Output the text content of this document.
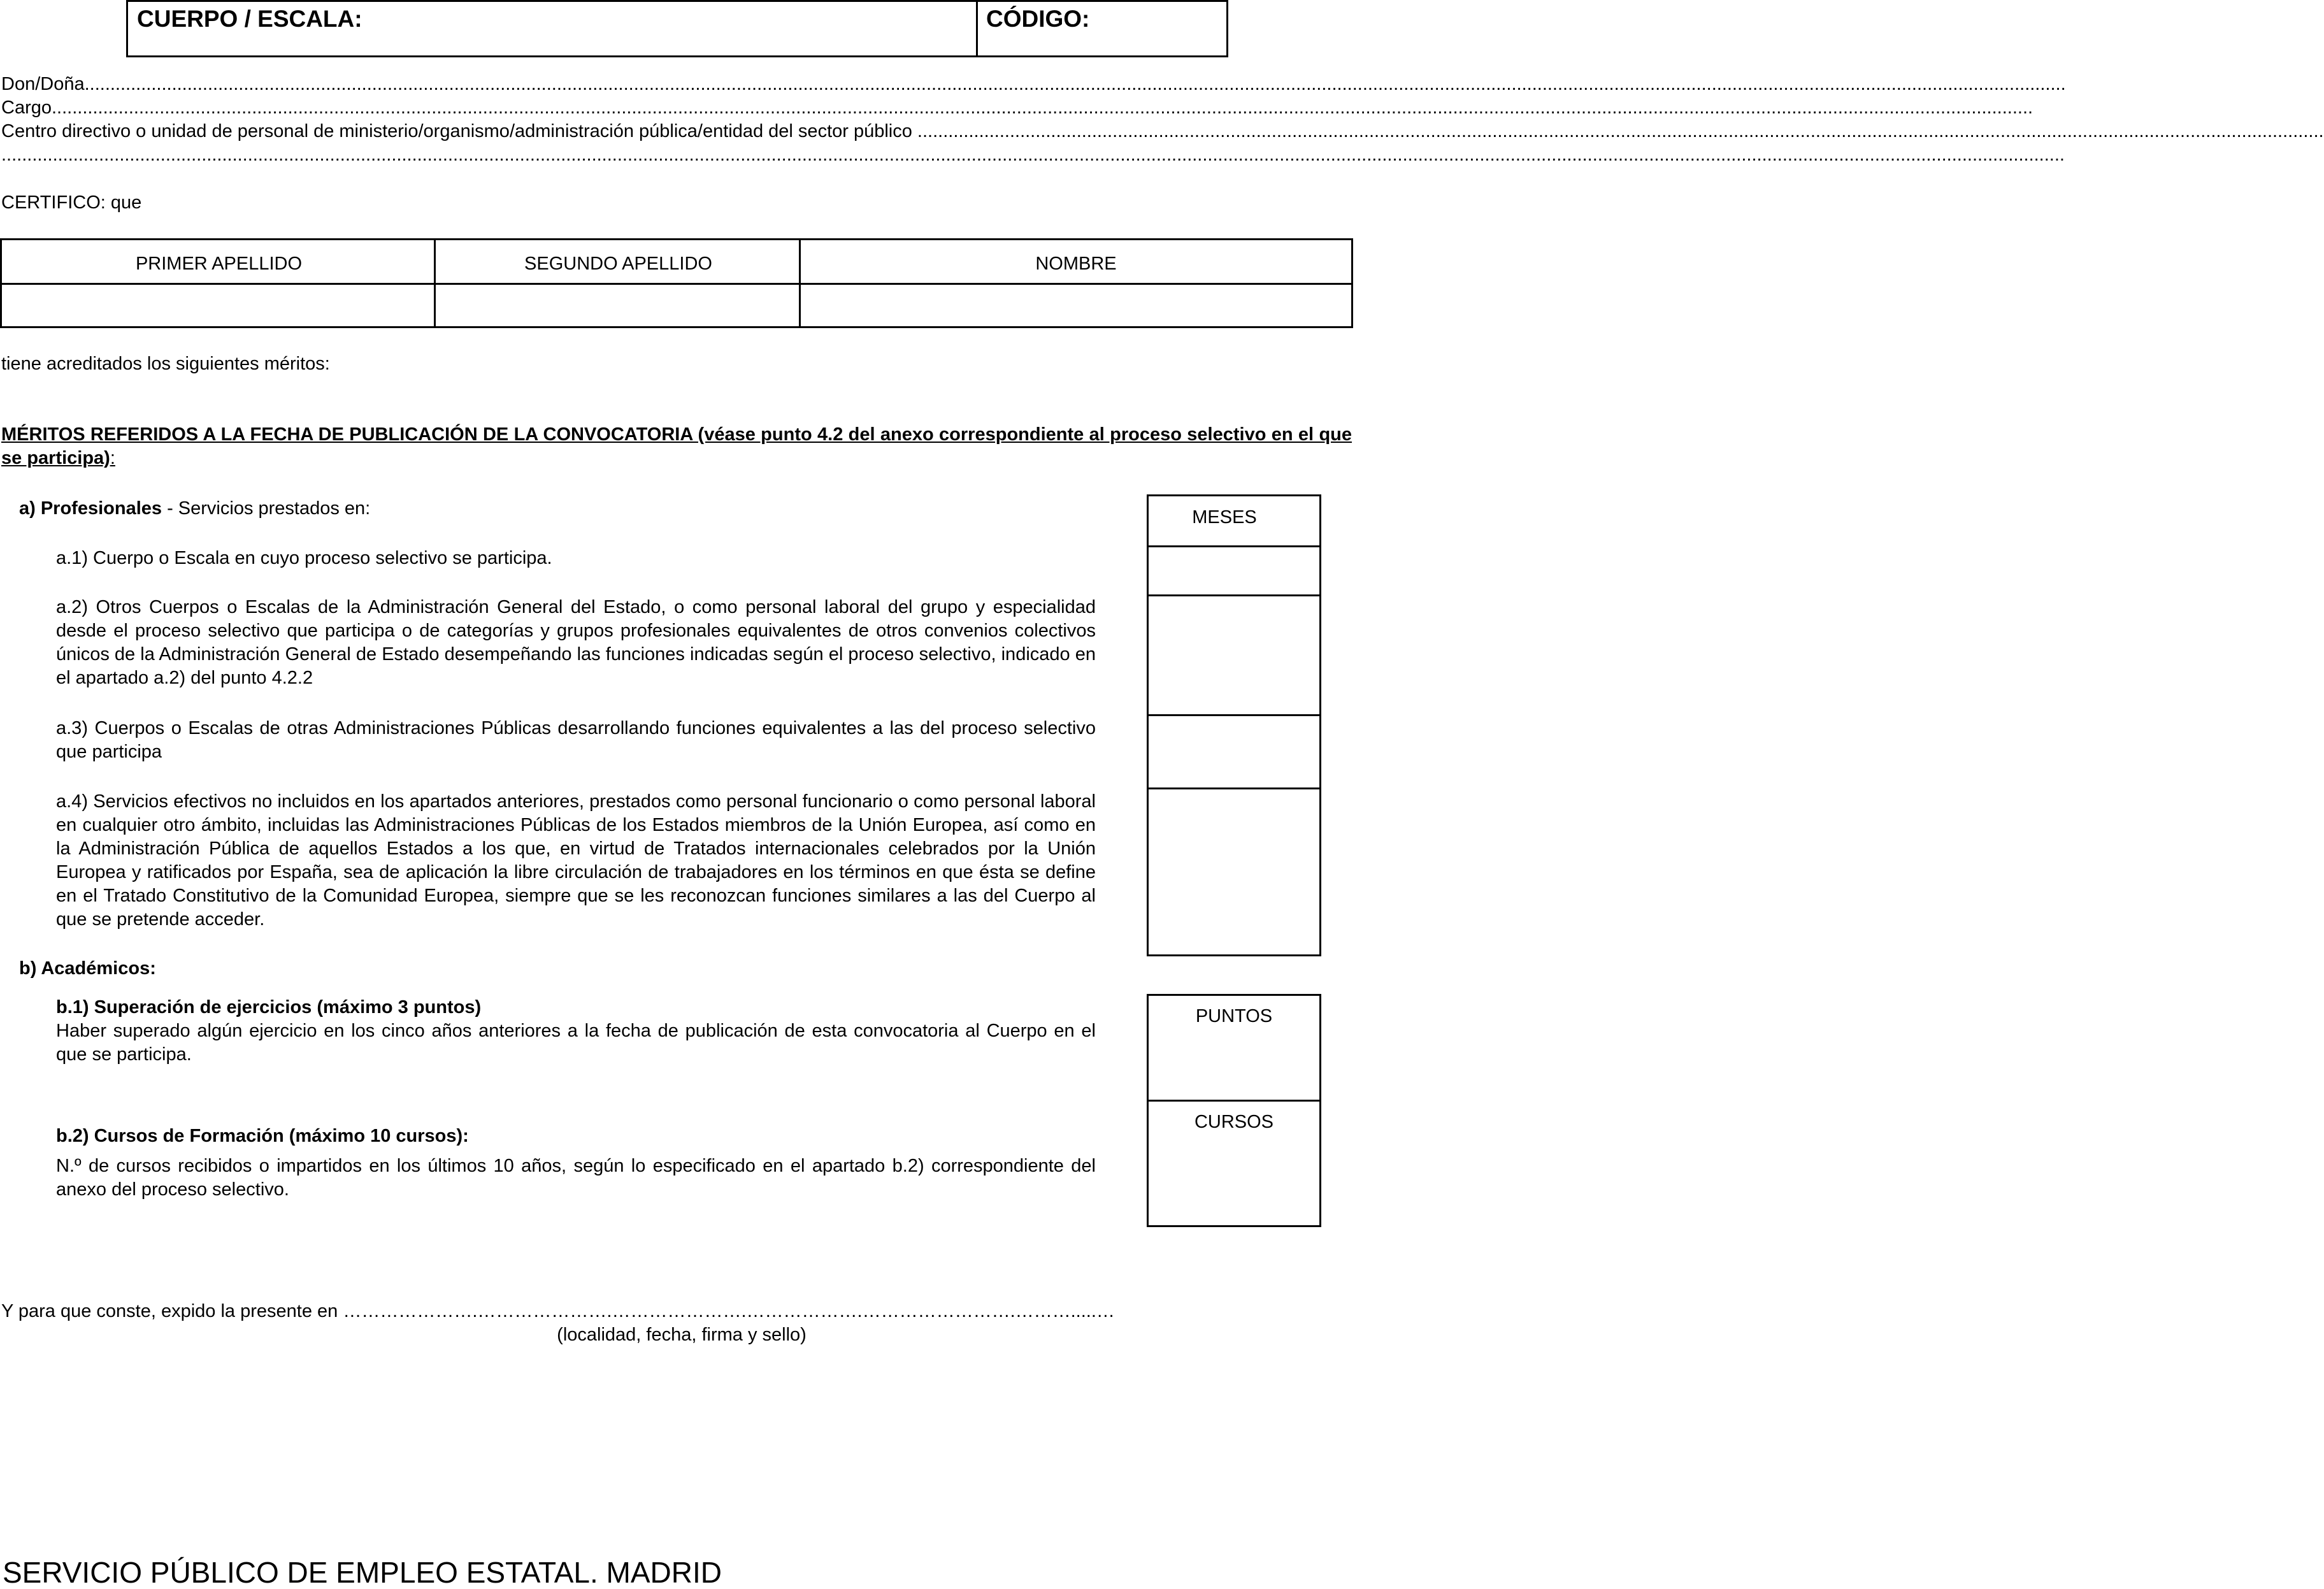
CUERPO / ESCALA:	CÓDIGO:
Don/Doña..................................................................................................................................................................................................................................................................................................................................................................................................
Cargo..................................................................................................................................................................................................................................................................................................................................................................................................
Centro directivo o unidad de personal de ministerio/organismo/administración pública/entidad del sector público ..................................................................................................................................................................................................................................................................................
..................................................................................................................................................................................................................................................................................................................................................................................................................
CERTIFICO: que
PRIMER APELLIDO	SEGUNDO APELLIDO	NOMBRE
tiene acreditados los siguientes méritos:
MÉRITOS REFERIDOS A LA FECHA DE PUBLICACIÓN DE LA CONVOCATORIA (véase punto 4.2 del anexo correspondiente al proceso selectivo en el que se participa):
a) Profesionales - Servicios prestados en:
a.1) Cuerpo o Escala en cuyo proceso selectivo se participa.
a.2) Otros Cuerpos o Escalas de la Administración General del Estado, o como personal laboral del grupo y especialidad desde el proceso selectivo que participa o de categorías y grupos profesionales equivalentes de otros convenios colectivos únicos de la Administración General de Estado desempeñando las funciones indicadas según el proceso selectivo, indicado en el apartado a.2) del punto 4.2.2
a.3) Cuerpos o Escalas de otras Administraciones Públicas desarrollando funciones equivalentes a las del proceso selectivo que participa
a.4) Servicios efectivos no incluidos en los apartados anteriores, prestados como personal funcionario o como personal laboral en cualquier otro ámbito, incluidas las Administraciones Públicas de los Estados miembros de la Unión Europea, así como en la Administración Pública de aquellos Estados a los que, en virtud de Tratados internacionales celebrados por la Unión Europea y ratificados por España, sea de aplicación la libre circulación de trabajadores en los términos en que ésta se define en el Tratado Constitutivo de la Comunidad Europea, siempre que se les reconozcan funciones similares a las del Cuerpo al que se pretende acceder.
MESES
b) Académicos:
b.1) Superación de ejercicios (máximo 3 puntos)
Haber superado algún ejercicio en los cinco años anteriores a la fecha de publicación de esta convocatoria al Cuerpo en el que se participa.
b.2) Cursos de Formación (máximo 10 cursos):
N.º de cursos recibidos o impartidos en los últimos 10 años, según lo especificado en el apartado b.2) correspondiente del anexo del proceso selectivo.
PUNTOS
CURSOS
Y para que conste, expido la presente en ………………….………………….………………….……………….…………………….……….....…
(localidad, fecha, firma y sello)
SERVICIO PÚBLICO DE EMPLEO ESTATAL. MADRID
